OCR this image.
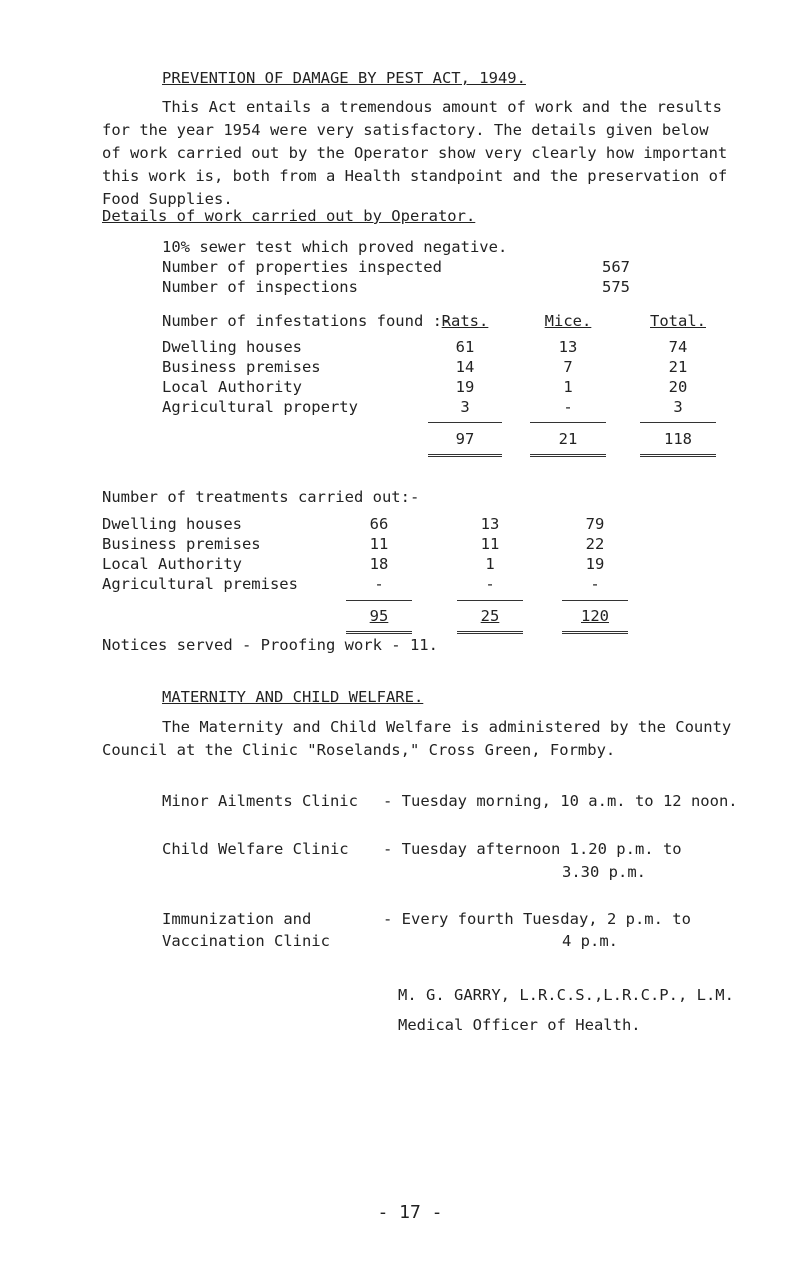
PREVENTION OF DAMAGE BY PEST ACT, 1949.

This Act entails a tremendous amount of work and the results for the year 1954 were very satisfactory. The details given below of work carried out by the Operator show very clearly how important this work is, both from a Health standpoint and the preservation of Food Supplies.

Details of work carried out by Operator.
10% sewer test which proved negative.
Number of properties inspected	567
Number of inspections	575
Number of infestations found :-
Rats.	Mice.	Total.
Dwelling houses	61	13	74
Business premises	14	7	21
Local Authority	19	1	20
Agricultural property	3	-	3
97	21	118
Number of treatments carried out:-
Dwelling houses	66	13	79
Business premises	11	11	22
Local Authority	18	1	19
Agricultural premises	-	-	-
95	25	120
Notices served - Proofing work - 11.
MATERNITY AND CHILD WELFARE.

The Maternity and Child Welfare is administered by the County Council at the Clinic "Roselands," Cross Green, Formby.

Minor Ailments Clinic - Tuesday morning, 10 a.m. to 12 noon.
Child Welfare Clinic - Tuesday afternoon 1.20 p.m. to
3.30 p.m.
Immunization and
Vaccination Clinic
- Every fourth Tuesday, 2 p.m. to
4 p.m.
M. G. GARRY, L.R.C.S.,L.R.C.P., L.M.
Medical Officer of Health.
- 17 -
